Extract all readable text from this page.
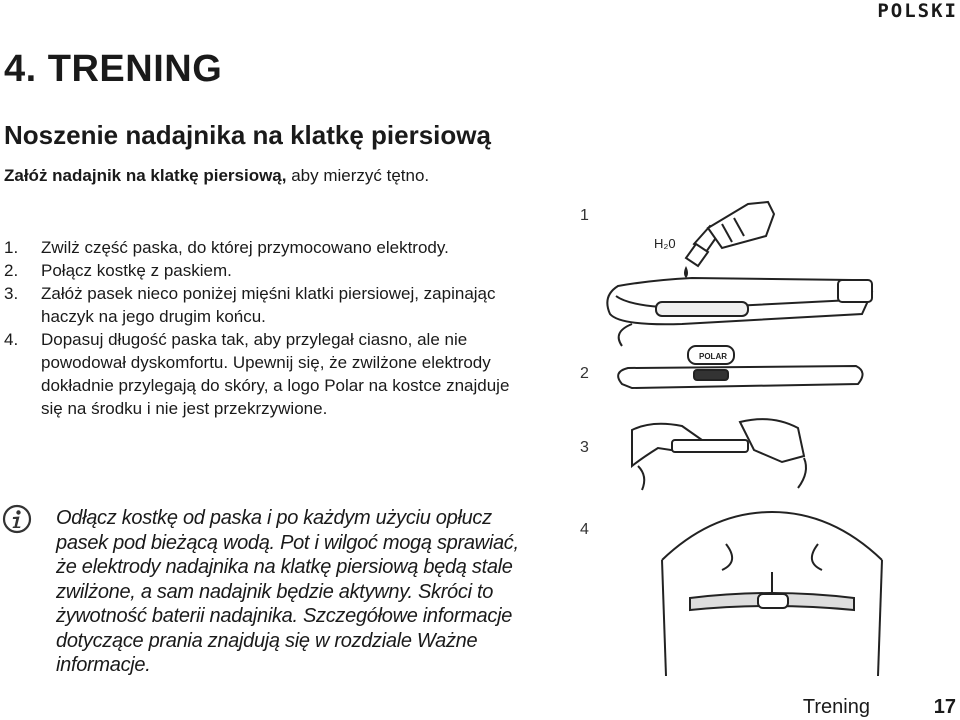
POLSKI
4. TRENING
Noszenie nadajnika na klatkę piersiową

Załóż nadajnik na klatkę piersiową, aby mierzyć tętno.

1. Zwilż część paska, do której przymocowano elektrody.
2. Połącz kostkę z paskiem.
3. Załóż pasek nieco poniżej mięśni klatki piersiowej, zapinając haczyk na jego drugim końcu.
4. Dopasuj długość paska tak, aby przylegał ciasno, ale nie powodował dyskomfortu. Upewnij się, że zwilżone elektrody dokładnie przylegają do skóry, a logo Polar na kostce znajduje się na środku i nie jest przekrzywione.

Odłącz kostkę od paska i po każdym użyciu opłucz pasek pod bieżącą wodą. Pot i wilgoć mogą sprawiać, że elektrody nadajnika na klatkę piersiową będą stale zwilżone, a sam nadajnik będzie aktywny. Skróci to żywotność baterii nadajnika. Szczegółowe informacje dotyczące prania znajdują się w rozdziale Ważne informacje.

1
2
3
4
H₂0
POLAR
Trening	17
